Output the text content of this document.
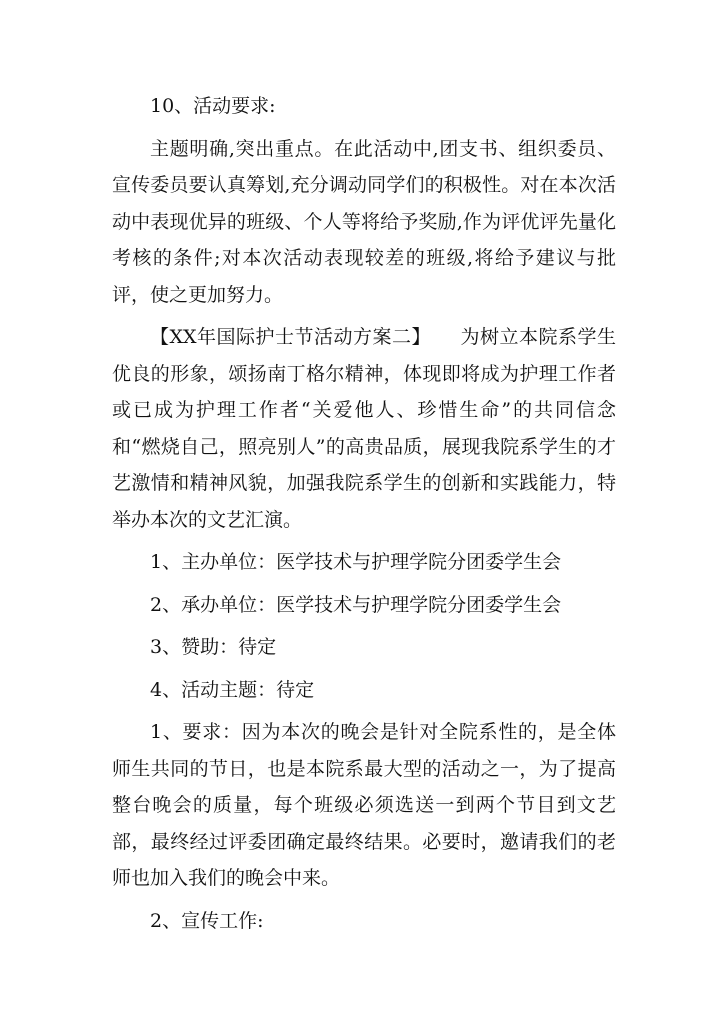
10、活动要求:

主题明确,突出重点。在此活动中,团支书、组织委员、宣传委员要认真筹划,充分调动同学们的积极性。对在本次活动中表现优异的班级、个人等将给予奖励,作为评优评先量化考核的条件;对本次活动表现较差的班级,将给予建议与批评，使之更加努力。

【XX年国际护士节活动方案二】　　为树立本院系学生优良的形象，颂扬南丁格尔精神，体现即将成为护理工作者或已成为护理工作者“关爱他人、珍惜生命”的共同信念和“燃烧自己，照亮别人”的高贵品质，展现我院系学生的才艺激情和精神风貌，加强我院系学生的创新和实践能力，特举办本次的文艺汇演。

1、主办单位：医学技术与护理学院分团委学生会

2、承办单位：医学技术与护理学院分团委学生会

3、赞助：待定

4、活动主题：待定

1、要求：因为本次的晚会是针对全院系性的，是全体师生共同的节日，也是本院系最大型的活动之一，为了提高整台晚会的质量，每个班级必须选送一到两个节目到文艺部，最终经过评委团确定最终结果。必要时，邀请我们的老师也加入我们的晚会中来。

2、宣传工作:
